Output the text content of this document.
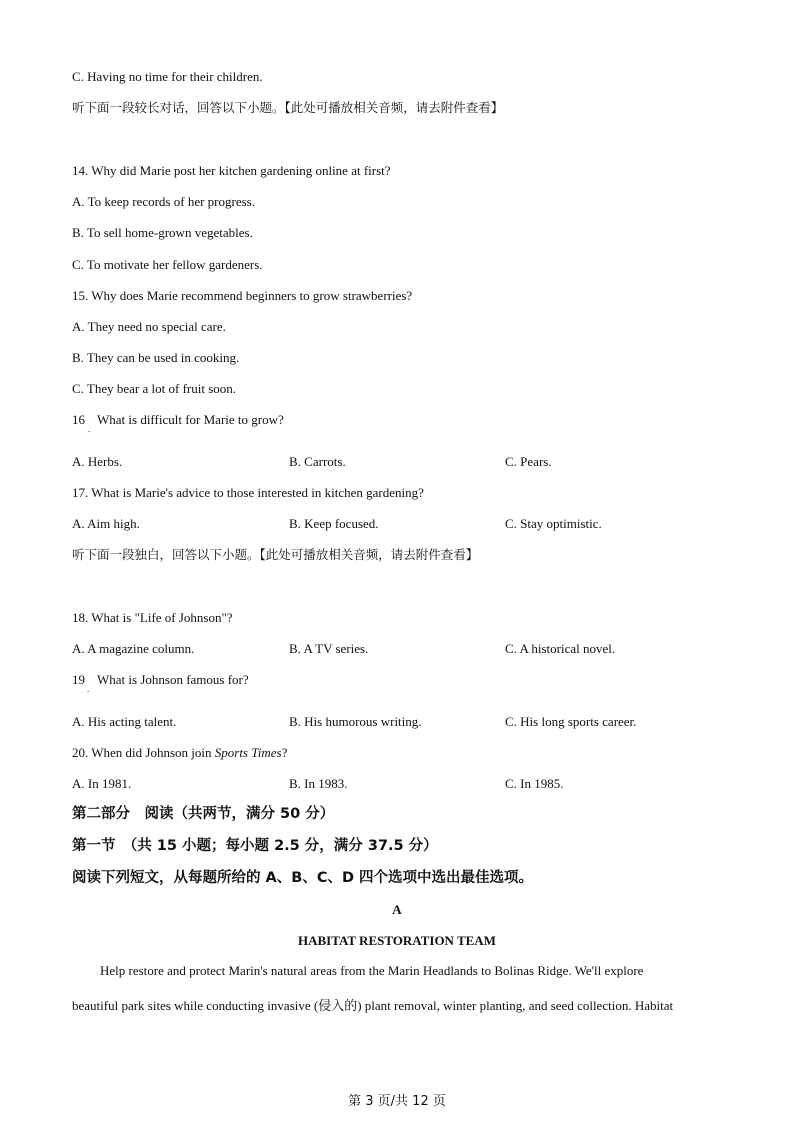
C. Having no time for their children.
听下面一段较长对话，回答以下小题。【此处可播放相关音频，请去附件查看】
14. Why did Marie post her kitchen gardening online at first?
A. To keep records of her progress.
B. To sell home-grown vegetables.
C. To motivate her fellow gardeners.
15. Why does Marie recommend beginners to grow strawberries?
A. They need no special care.
B. They can be used in cooking.
C. They bear a lot of fruit soon.
16
.
What is difficult for Marie to grow?
A. Herbs.	B. Carrots.	C. Pears.
17. What is Marie's advice to those interested in kitchen gardening?
A. Aim high.	B. Keep focused.	C. Stay optimistic.
听下面一段独白，回答以下小题。【此处可播放相关音频，请去附件查看】
18. What is "Life of Johnson"?
A. A magazine column.	B. A TV series.	C. A historical novel.
19
.
What is Johnson famous for?
A. His acting talent.	B. His humorous writing.	C. His long sports career.
20. When did Johnson join Sports Times?
A. In 1981.	B. In 1983.	C. In 1985.
第二部分　阅读（共两节，满分 50 分）
第一节　（共 15 小题；每小题 2.5 分，满分 37.5 分）
阅读下列短文，从每题所给的 A、B、C、D 四个选项中选出最佳选项。
A
HABITAT RESTORATION TEAM
Help restore and protect Marin's natural areas from the Marin Headlands to Bolinas Ridge. We'll explore
beautiful park sites while conducting invasive (侵入的) plant removal, winter planting, and seed collection. Habitat
第 3 页/共 12 页
